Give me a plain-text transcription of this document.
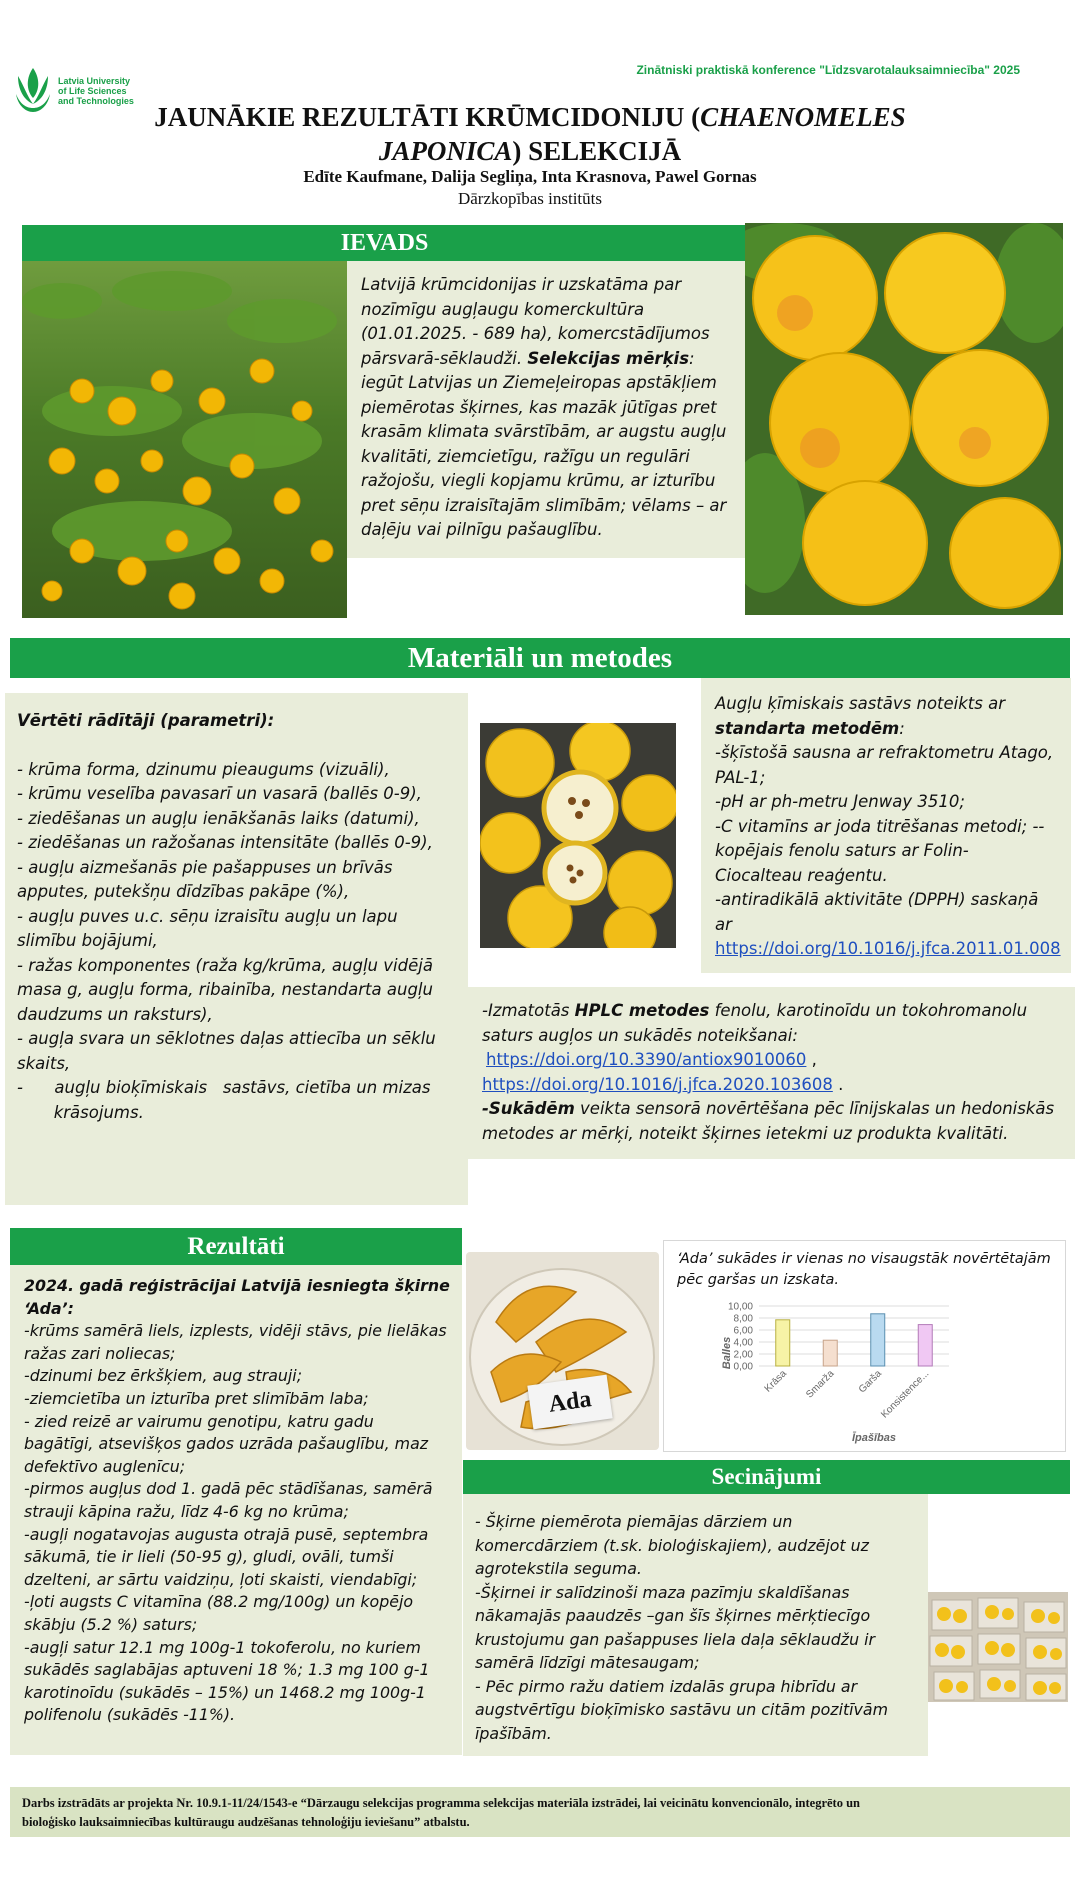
Latvia University
of Life Sciences
and Technologies
Zinātniski praktiskā konference "Līdzsvarotalauksaimniecība" 2025
JAUNĀKIE REZULTĀTI KRŪMCIDONIJU (CHAENOMELES
JAPONICA) SELEKCIJĀ
Edīte Kaufmane, Dalija Segliņa, Inta Krasnova, Pawel Gornas
Dārzkopības institūts
IEVADS
Latvijā krūmcidonijas ir uzskatāma par
nozīmīgu augļaugu komerckultūra
(01.01.2025. - 689 ha), komercstādījumos
pārsvarā-sēklaudži. Selekcijas mērķis:
iegūt Latvijas un Ziemeļeiropas apstākļiem
piemērotas šķirnes, kas mazāk jūtīgas pret
krasām klimata svārstībām, ar augstu augļu
kvalitāti, ziemcietīgu, ražīgu un regulāri
ražojošu, viegli kopjamu krūmu, ar izturību
pret sēņu izraisītajām slimībām; vēlams – ar
daļēju vai pilnīgu pašauglību.
Materiāli un metodes
Vērtēti rādītāji (parametri):
- krūma forma, dzinumu pieaugums (vizuāli),
- krūmu veselība pavasarī un vasarā (ballēs 0-9),
- ziedēšanas un augļu ienākšanās laiks (datumi),
- ziedēšanas un ražošanas intensitāte (ballēs 0-9),
- augļu aizmešanās pie pašappuses un brīvās
apputes, putekšņu dīdzības pakāpe (%),
- augļu puves u.c. sēņu izraisītu augļu un lapu
slimību bojājumi,
- ražas komponentes (raža kg/krūma, augļu vidējā
masa g, augļu forma, ribainība, nestandarta augļu
daudzums un raksturs),
- augļa svara un sēklotnes daļas attiecība un sēklu
skaits,
-      augļu bioķīmiskais   sastāvs, cietība un mizas
krāsojums.
Augļu ķīmiskais sastāvs noteikts ar
standarta metodēm:
-šķīstošā sausna ar refraktometru Atago,
PAL-1;
-pH ar ph-metru Jenway 3510;
-C vitamīns ar joda titrēšanas metodi; --
kopējais fenolu saturs ar Folin-
Ciocalteau reaģentu.
-antiradikālā aktivitāte (DPPH) saskaņā
ar https://doi.org/10.1016/j.jfca.2011.01.008
-Izmatotās HPLC metodes fenolu, karotinoīdu un tokohromanolu
saturs augļos un sukādēs noteikšanai:
https://doi.org/10.3390/antiox9010060 ,
https://doi.org/10.1016/j.jfca.2020.103608 .
-Sukādēm veikta sensorā novērtēšana pēc līnijskalas un hedoniskās
metodes ar mērķi, noteikt šķirnes ietekmi uz produkta kvalitāti.
Rezultāti
2024. gadā reģistrācijai Latvijā iesniegta šķirne
‘Ada’:
-krūms samērā liels, izplests, vidēji stāvs, pie lielākas
ražas zari noliecas;
-dzinumi bez ērkšķiem, aug strauji;
-ziemcietība un izturība pret slimībām laba;
- zied reizē ar vairumu genotipu, katru gadu
bagātīgi, atsevišķos gados uzrāda pašauglību, maz
defektīvo auglenīcu;
-pirmos augļus dod 1. gadā pēc stādīšanas, samērā
strauji kāpina ražu, līdz 4-6 kg no krūma;
-augļi nogatavojas augusta otrajā pusē, septembra
sākumā, tie ir lieli (50-95 g), gludi, ovāli, tumši
dzelteni, ar sārtu vaidziņu, ļoti skaisti, viendabīgi;
-ļoti augsts C vitamīna (88.2 mg/100g) un kopējo
skābju (5.2 %) saturs;
-augļi satur 12.1 mg 100g-1 tokoferolu, no kuriem
sukādēs saglabājas aptuveni 18 %; 1.3 mg 100 g-1
karotinoīdu (sukādēs – 15%) un 1468.2 mg 100g-1
polifenolu (sukādēs -11%).
Ada
‘Ada’ sukādes ir vienas no visaugstāk novērtētajām
pēc garšas un izskata.
0,00
2,00
4,00
6,00
8,00
10,00
Krāsa Smarža Garša
Konsistence...
Balles
Īpašības
Secinājumi
- Šķirne piemērota piemājas dārziem un
komercdārziem (t.sk. bioloģiskajiem), audzējot uz
agrotekstila seguma.
-Šķirnei ir salīdzinoši maza pazīmju skaldīšanas
nākamajās paaudzēs –gan šīs šķirnes mērķtiecīgo
krustojumu gan pašappuses liela daļa sēklaudžu ir
samērā līdzīgi mātesaugam;
- Pēc pirmo ražu datiem izdalās grupa hibrīdu ar
augstvērtīgu bioķīmisko sastāvu un citām pozitīvām
īpašībām.
Darbs izstrādāts ar projekta Nr. 10.9.1-11/24/1543-e “Dārzaugu selekcijas programma selekcijas materiāla izstrādei, lai veicinātu konvencionālo, integrēto un
bioloģisko lauksaimniecības kultūraugu audzēšanas tehnoloģiju ieviešanu” atbalstu.
